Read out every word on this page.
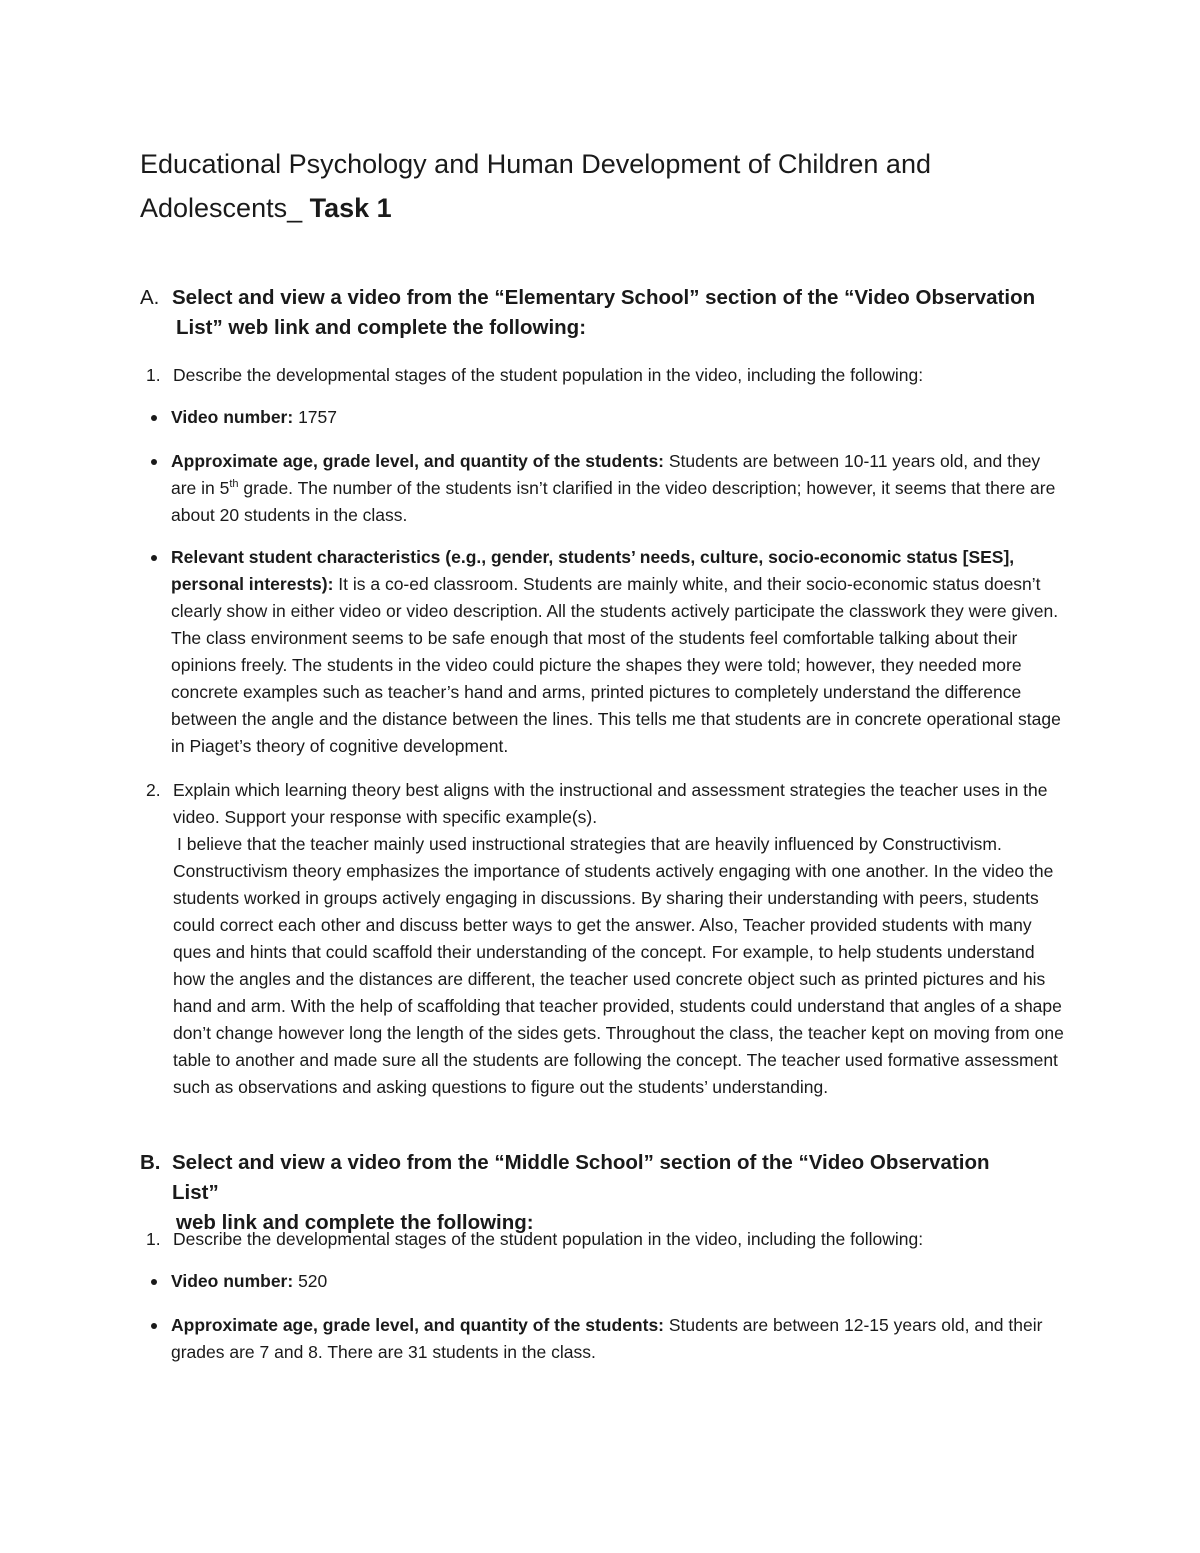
Educational Psychology and Human Development of Children and Adolescents_ Task 1
A. Select and view a video from the “Elementary School” section of the “Video Observation
List” web link and complete the following:
1. Describe the developmental stages of the student population in the video, including the following:
Video number: 1757
Approximate age, grade level, and quantity of the students: Students are between 10-11 years old, and they are in 5th grade. The number of the students isn’t clarified in the video description; however, it seems that there are about 20 students in the class.
Relevant student characteristics (e.g., gender, students’ needs, culture, socio-economic status [SES], personal interests): It is a co-ed classroom. Students are mainly white, and their socio-economic status doesn’t clearly show in either video or video description. All the students actively participate the classwork they were given. The class environment seems to be safe enough that most of the students feel comfortable talking about their opinions freely. The students in the video could picture the shapes they were told; however, they needed more concrete examples such as teacher’s hand and arms, printed pictures to completely understand the difference between the angle and the distance between the lines. This tells me that students are in concrete operational stage in Piaget’s theory of cognitive development.
2. Explain which learning theory best aligns with the instructional and assessment strategies the teacher uses in the video. Support your response with specific example(s).
I believe that the teacher mainly used instructional strategies that are heavily influenced by Constructivism. Constructivism theory emphasizes the importance of students actively engaging with one another. In the video the students worked in groups actively engaging in discussions. By sharing their understanding with peers, students could correct each other and discuss better ways to get the answer. Also, Teacher provided students with many ques and hints that could scaffold their understanding of the concept. For example, to help students understand how the angles and the distances are different, the teacher used concrete object such as printed pictures and his hand and arm. With the help of scaffolding that teacher provided, students could understand that angles of a shape don’t change however long the length of the sides gets. Throughout the class, the teacher kept on moving from one table to another and made sure all the students are following the concept. The teacher used formative assessment such as observations and asking questions to figure out the students’ understanding.
B. Select and view a video from the “Middle School” section of the “Video Observation List”
web link and complete the following:
1. Describe the developmental stages of the student population in the video, including the following:
Video number: 520
Approximate age, grade level, and quantity of the students: Students are between 12-15 years old, and their grades are 7 and 8. There are 31 students in the class.
